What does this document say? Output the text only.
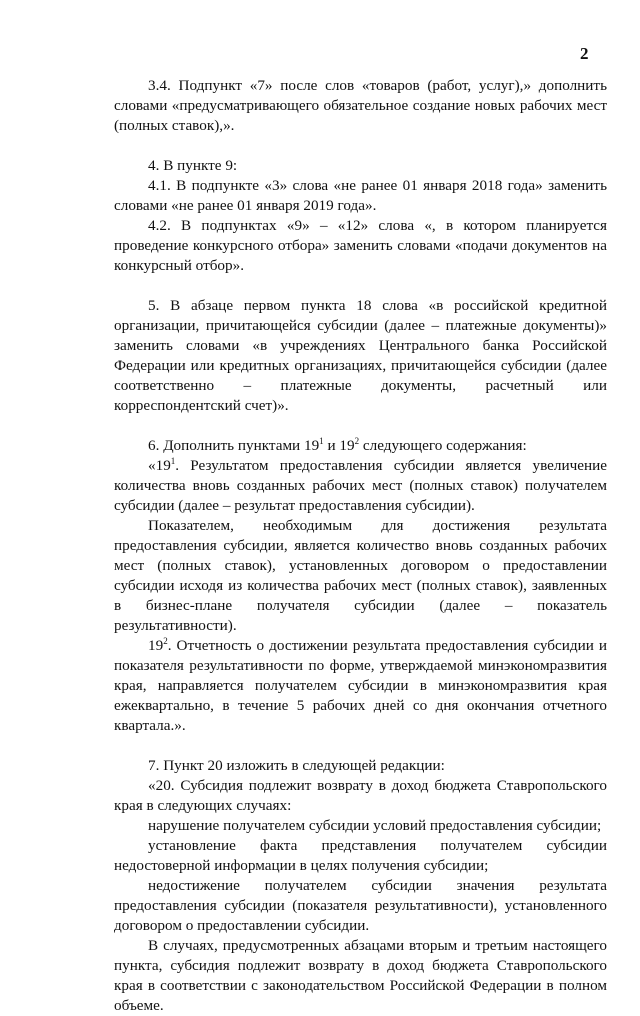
2

3.4. Подпункт «7» после слов «товаров (работ, услуг),» дополнить словами «предусматривающего обязательное создание новых рабочих мест (полных ставок),».

4. В пункте 9:

4.1. В подпункте «3» слова «не ранее 01 января 2018 года» заменить словами «не ранее 01 января 2019 года».

4.2. В подпунктах «9» – «12» слова «, в котором планируется проведение конкурсного отбора» заменить словами «подачи документов на конкурсный отбор».

5. В абзаце первом пункта 18 слова «в российской кредитной организации, причитающейся субсидии (далее – платежные документы)» заменить словами «в учреждениях Центрального банка Российской Федерации или кредитных организациях, причитающейся субсидии (далее соответственно – платежные документы, расчетный или корреспондентский счет)».

6. Дополнить пунктами $19^1$ и $19^2$ следующего содержания:

«$19^1$. Результатом предоставления субсидии является увеличение количества вновь созданных рабочих мест (полных ставок) получателем субсидии (далее – результат предоставления субсидии).

Показателем, необходимым для достижения результата предоставления субсидии, является количество вновь созданных рабочих мест (полных ставок), установленных договором о предоставлении субсидии исходя из количества рабочих мест (полных ставок), заявленных в бизнес-плане получателя субсидии (далее – показатель результативности).

$19^2$. Отчетность о достижении результата предоставления субсидии и показателя результативности по форме, утверждаемой минэкономразвития края, направляется получателем субсидии в минэкономразвития края ежеквартально, в течение 5 рабочих дней со дня окончания отчетного квартала.».

7. Пункт 20 изложить в следующей редакции:

«20. Субсидия подлежит возврату в доход бюджета Ставропольского края в следующих случаях:

нарушение получателем субсидии условий предоставления субсидии;

установление факта представления получателем субсидии недостоверной информации в целях получения субсидии;

недостижение получателем субсидии значения результата предоставления субсидии (показателя результативности), установленного договором о предоставлении субсидии.

В случаях, предусмотренных абзацами вторым и третьим настоящего пункта, субсидия подлежит возврату в доход бюджета Ставропольского края в соответствии с законодательством Российской Федерации в полном объеме.
